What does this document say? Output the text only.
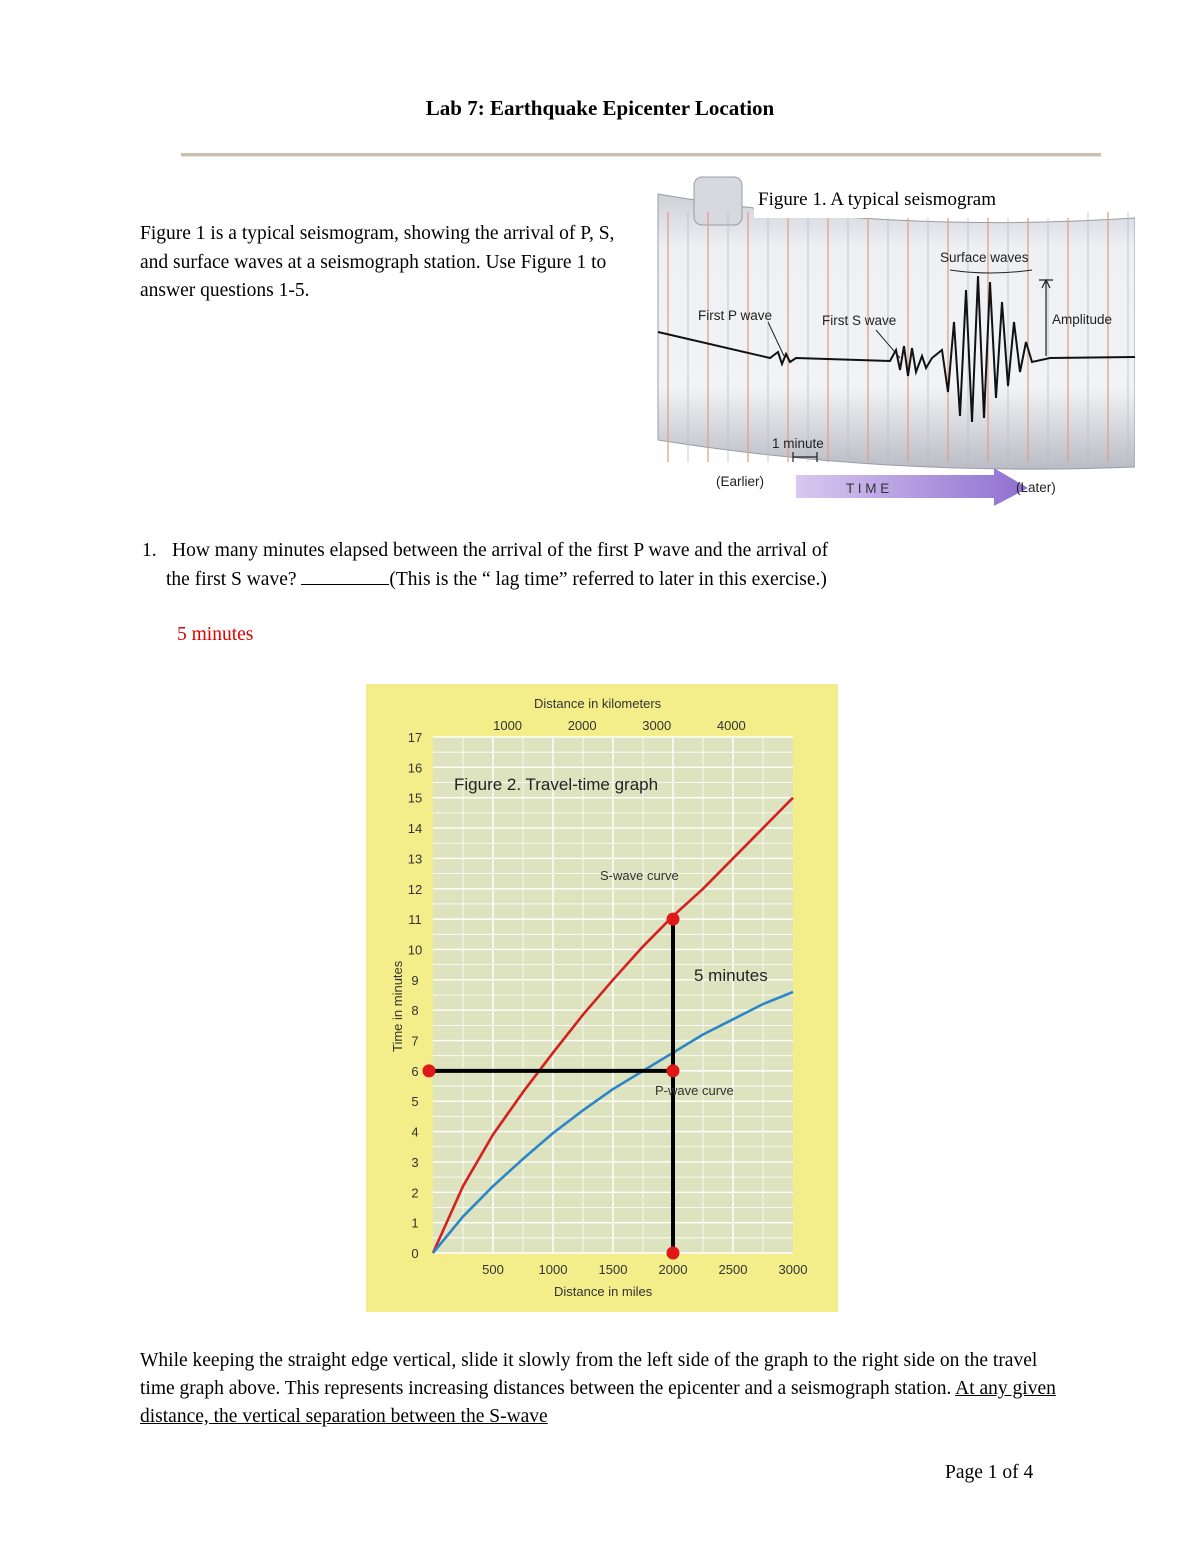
Lab 7: Earthquake Epicenter Location
Figure 1 is a typical seismogram, showing the arrival of P, S, and surface waves at a seismograph station. Use Figure 1 to answer questions 1-5.
Figure 1. A typical seismogram
First P wave	First S wave
Surface waves
Amplitude
1 minute
(Earlier)	T I M E	(Later)
1. How many minutes elapsed between the arrival of the first P wave and the arrival of
the first S wave?	(This is the “ lag time” referred to later in this exercise.)
5 minutes
0
1
2
3
4
5
6
7
8
9
10
11
12
13
14
15
16
17
500	1000 1500 2000 2500 3000
1000	2000	3000	4000
Distance in kilometers
Distance in miles
Time in minutes
Figure 2. Travel-time graph
S-wave curve
P-wave curve
5 minutes
While keeping the straight edge vertical, slide it slowly from the left side of the graph to the right side on the travel time graph above. This represents increasing distances between the epicenter and a seismograph station. At any given distance, the vertical separation between the S-wave
Page 1 of 4
